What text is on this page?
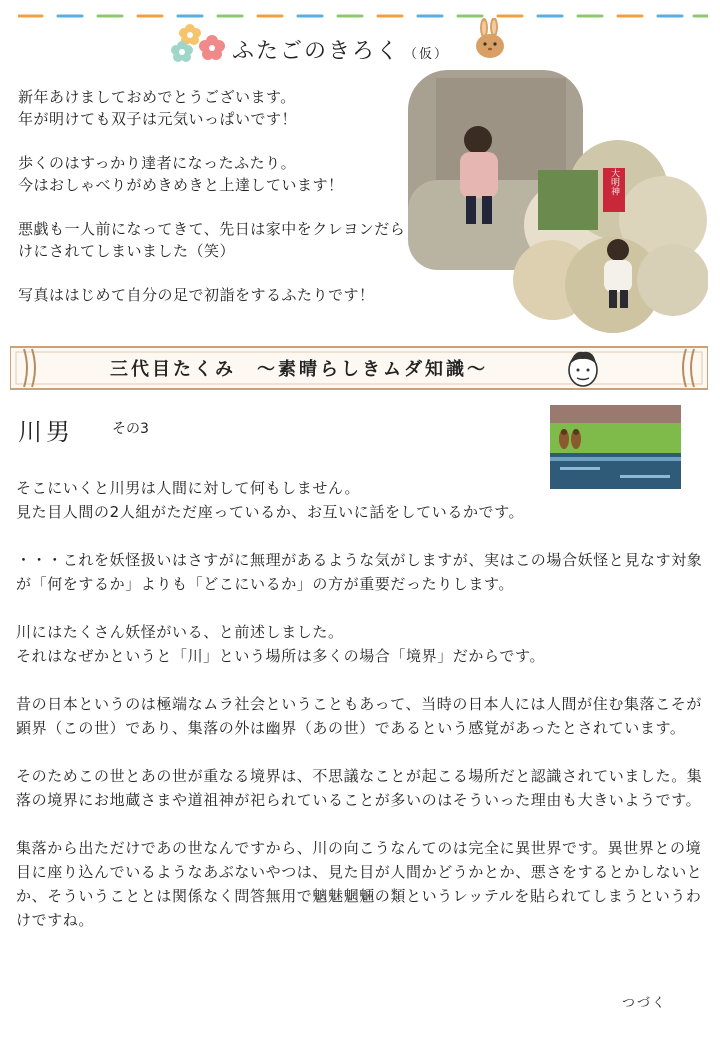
ふたごのきろく （仮）

新年あけましておめでとうございます。
年が明けても双子は元気いっぱいです！

歩くのはすっかり達者になったふたり。
今はおしゃべりがめきめきと上達しています！

悪戯も一人前になってきて、先日は家中をクレヨンだらけにされてしまいました（笑）

写真ははじめて自分の足で初詣をするふたりです！

大明神
三代目たくみ　～素晴らしきムダ知識～
川男	その3

そこにいくと川男は人間に対して何もしません。
見た目人間の2人組がただ座っているか、お互いに話をしているかです。

・・・これを妖怪扱いはさすがに無理があるような気がしますが、実はこの場合妖怪と見なす対象が「何をするか」よりも「どこにいるか」の方が重要だったりします。

川にはたくさん妖怪がいる、と前述しました。
それはなぜかというと「川」という場所は多くの場合「境界」だからです。

昔の日本というのは極端なムラ社会ということもあって、当時の日本人には人間が住む集落こそが顕界（この世）であり、集落の外は幽界（あの世）であるという感覚があったとされています。

そのためこの世とあの世が重なる境界は、不思議なことが起こる場所だと認識されていました。集落の境界にお地蔵さまや道祖神が祀られていることが多いのはそういった理由も大きいようです。

集落から出ただけであの世なんですから、川の向こうなんてのは完全に異世界です。異世界との境目に座り込んでいるようなあぶないやつは、見た目が人間かどうかとか、悪さをするとかしないとか、そういうこととは関係なく問答無用で魑魅魍魎の類というレッテルを貼られてしまうというわけですね。

つづく
